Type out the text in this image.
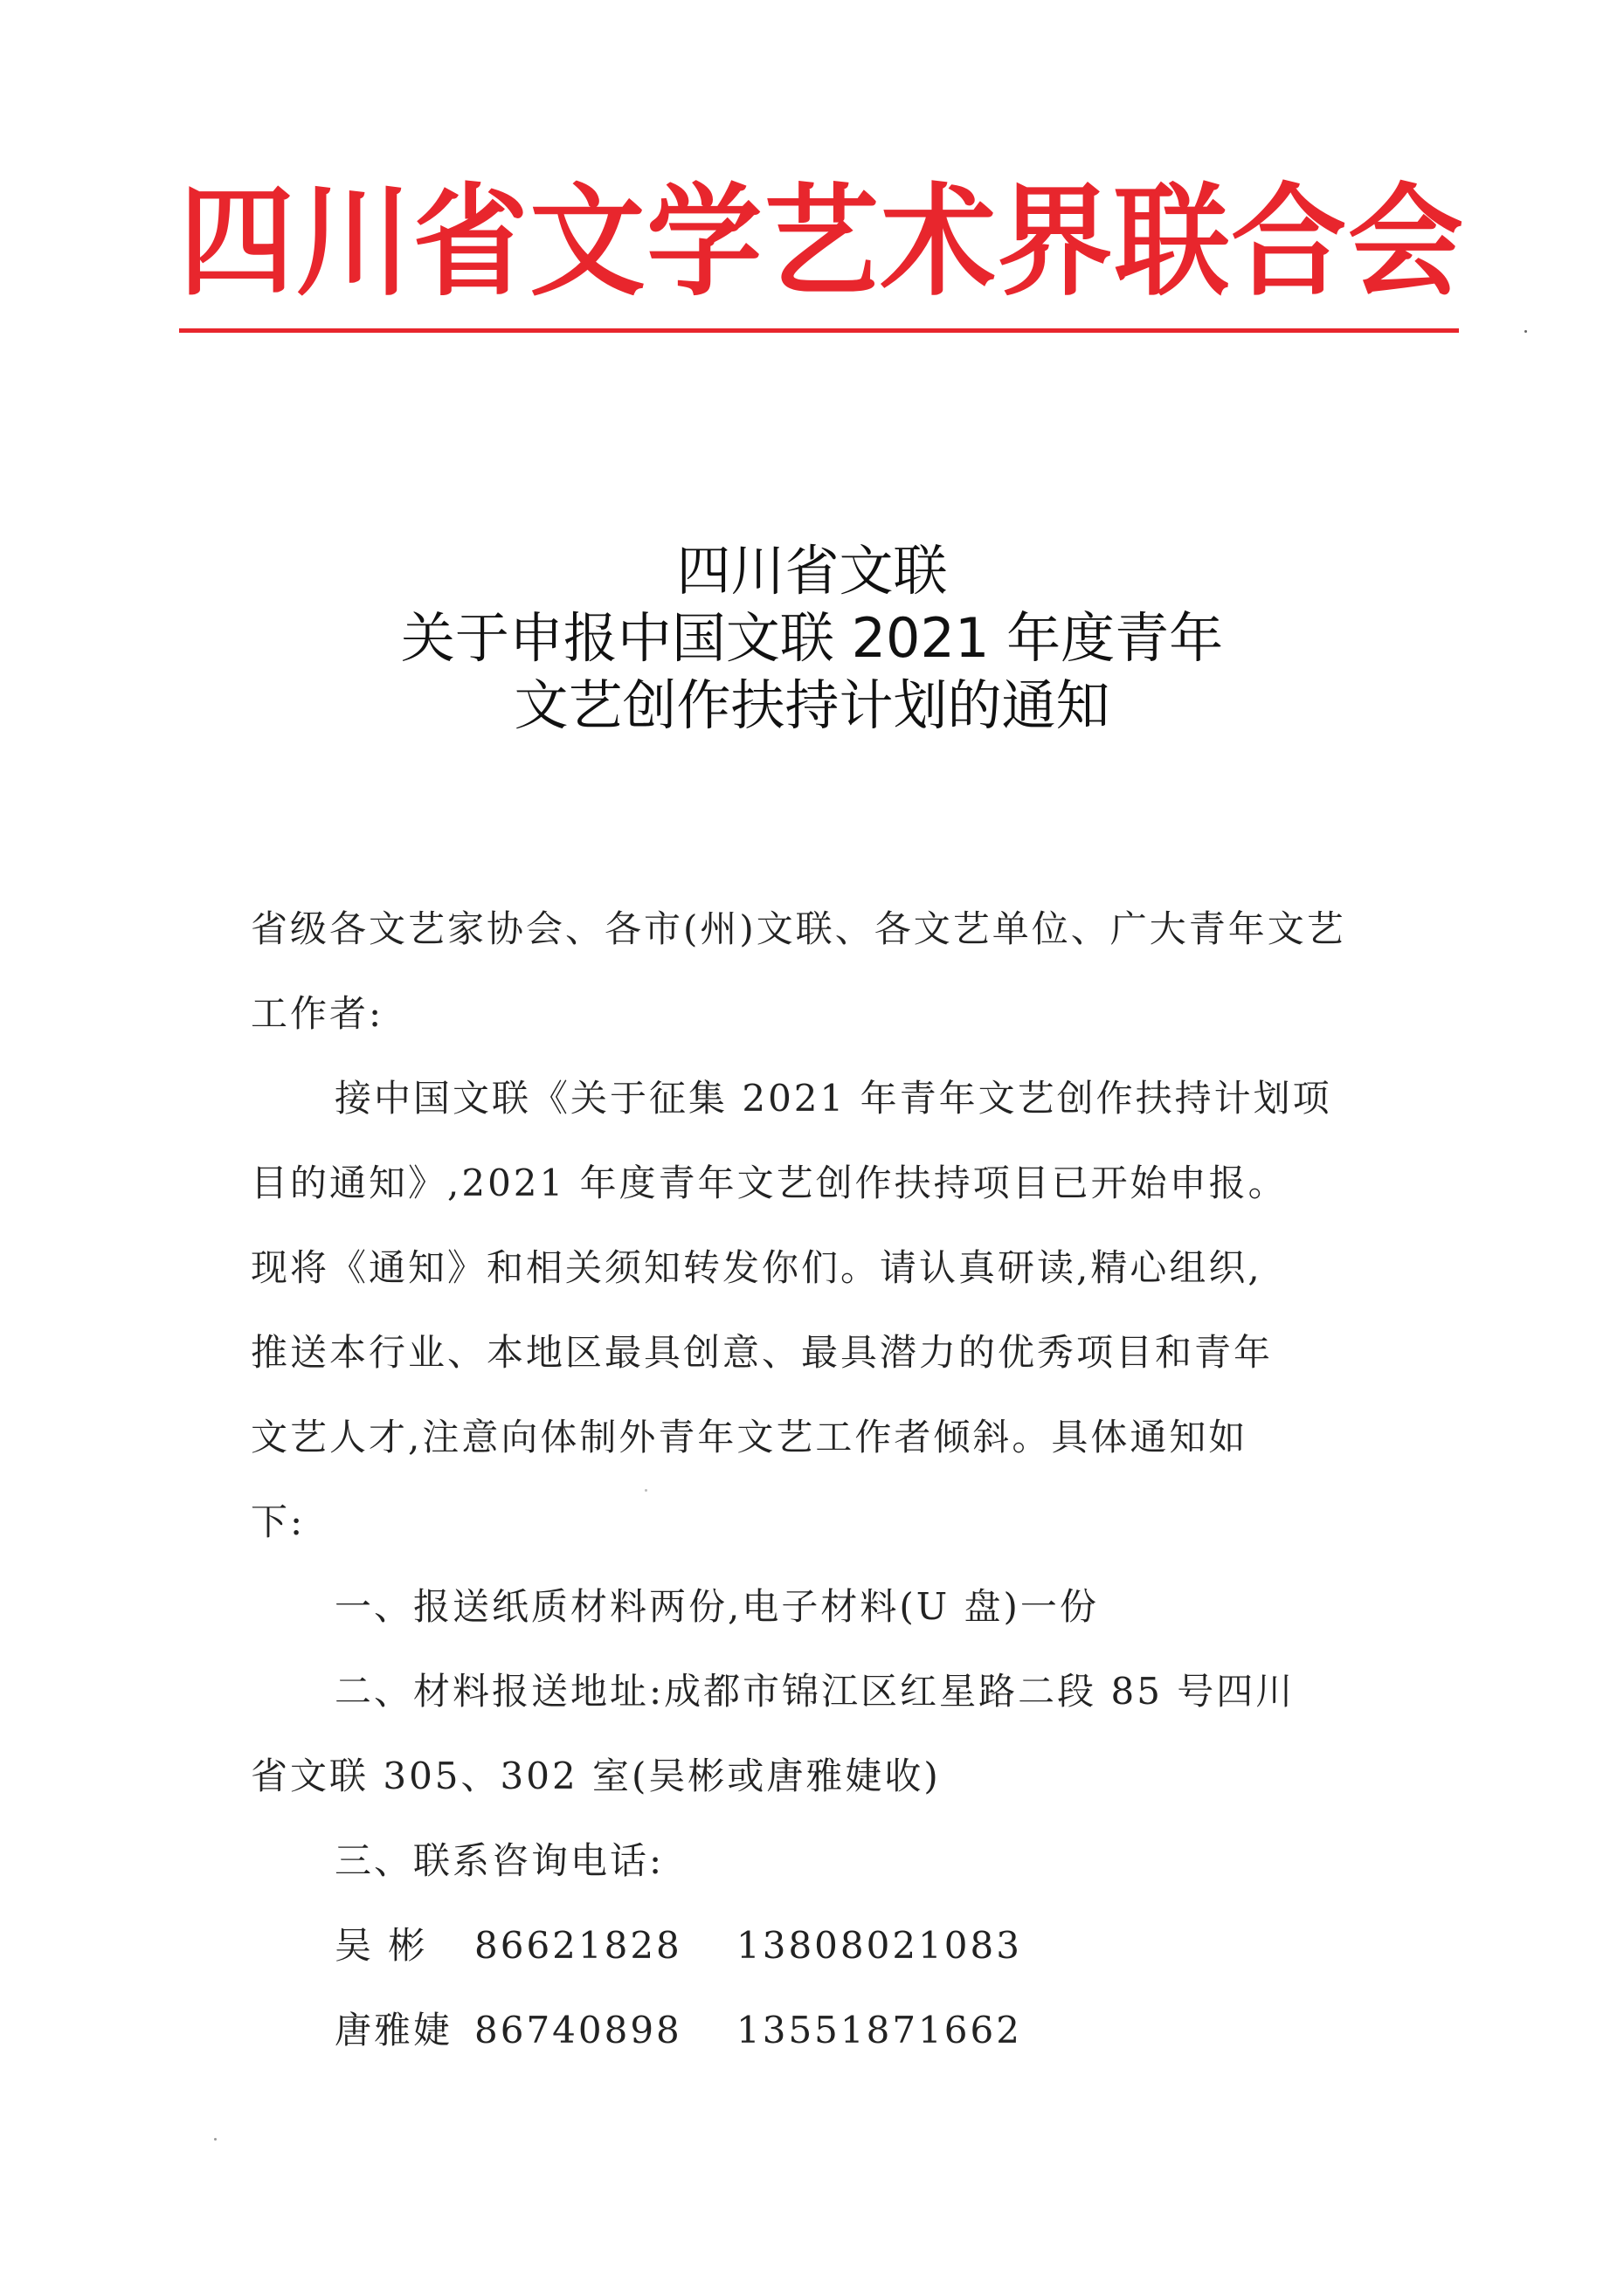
四 川 省 文 学 艺 术 界 联 合 会
四川省文联
关于申报中国文联 2021 年度青年
文艺创作扶持计划的通知

省级各文艺家协会、各市(州)文联、各文艺单位、广大青年文艺

工作者:

接中国文联《关于征集 2021 年青年文艺创作扶持计划项

目的通知》,2021 年度青年文艺创作扶持项目已开始申报。

现将《通知》和相关须知转发你们。请认真研读,精心组织,

推送本行业、本地区最具创意、最具潜力的优秀项目和青年

文艺人才,注意向体制外青年文艺工作者倾斜。具体通知如

下:

一、报送纸质材料两份,电子材料(U 盘)一份

二、材料报送地址:成都市锦江区红星路二段 85 号四川

省文联 305、302 室(吴彬或唐雅婕收)

三、联系咨询电话:

吴 彬	86621828	13808021083
唐雅婕 86740898	13551871662
